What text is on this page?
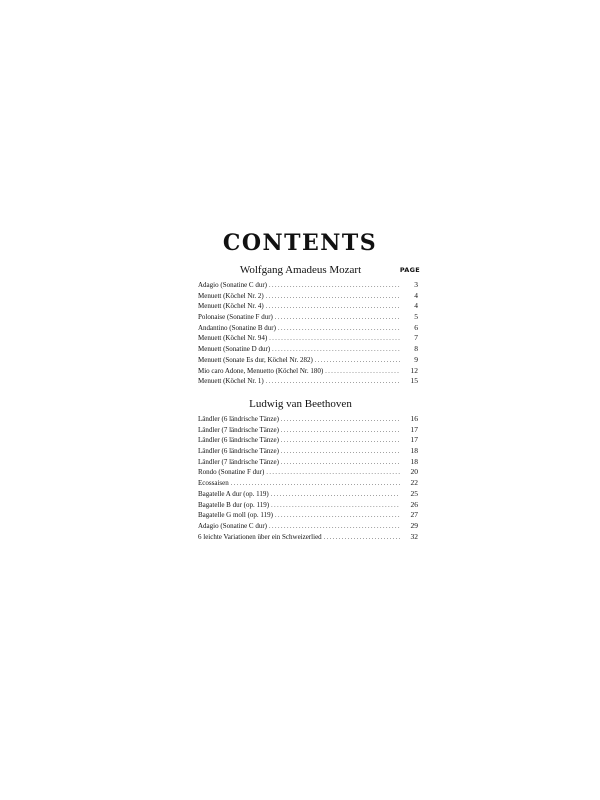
CONTENTS
Wolfgang Amadeus Mozart	PAGE
Adagio (Sonatine C dur) . . .	3
Menuett (Köchel Nr. 2) . . .	4
Menuett (Köchel Nr. 4) . . .	4
Polonaise (Sonatine F dur) . . .	5
Andantino (Sonatine B dur) . . .	6
Menuett (Köchel Nr. 94) . . .	7
Menuett (Sonatine D dur) . . .	8
Menuett (Sonate Es dur, Köchel Nr. 282) . . .	9
Mio caro Adone, Menuetto (Köchel Nr. 180) . . .	12
Menuett (Köchel Nr. 1) . . .	15
Ludwig van Beethoven
Ländler (6 ländrische Tänze) . . .	16
Ländler (7 ländrische Tänze) . . .	17
Ländler (6 ländrische Tänze) . . .	17
Ländler (6 ländrische Tänze) . . .	18
Ländler (7 ländrische Tänze) . . .	18
Rondo (Sonatine F dur) . . .	20
Ecossaisen . . .	22
Bagatelle A dur (op. 119) . . .	25
Bagatelle B dur (op. 119) . . .	26
Bagatelle G moll (op. 119) . . .	27
Adagio (Sonatine C dur) . . .	29
6 leichte Variationen über ein Schweizerlied . . .	32
